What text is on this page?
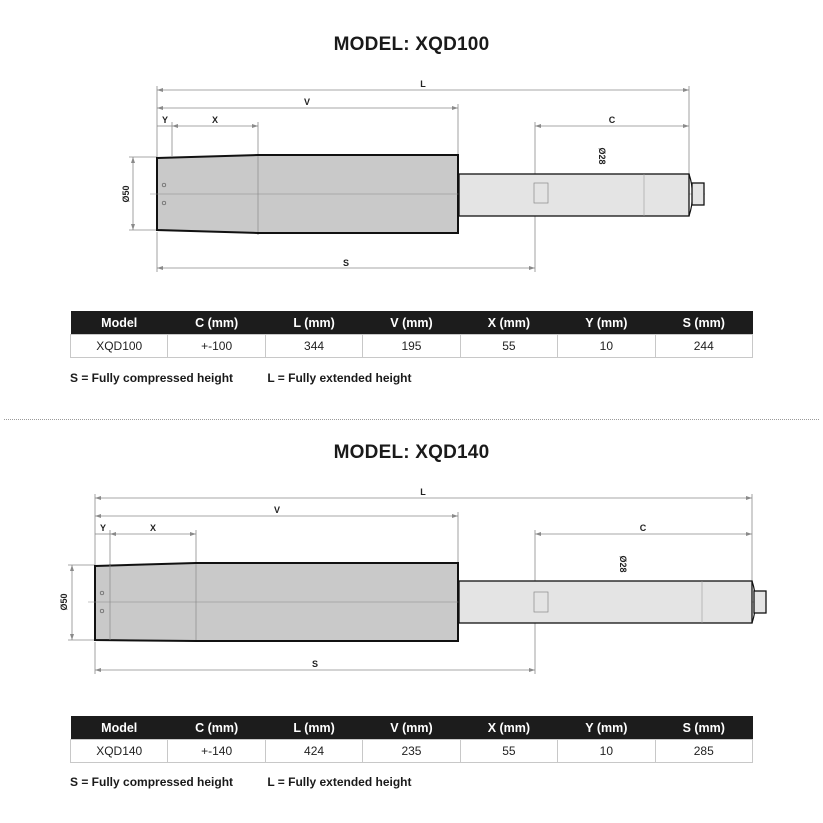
MODEL: XQD100
L
V
Y	X	C
S
Ø50
Ø28
Model	C (mm)	L (mm)	V (mm)	X (mm)	Y (mm)	S (mm)
XQD100	+-100	344	195	55	10	244
S = Fully compressed height	L = Fully extended height
MODEL: XQD140
L
V
Y	X	C
S
Ø50
Ø28
Model	C (mm)	L (mm)	V (mm)	X (mm)	Y (mm)	S (mm)
XQD140	+-140	424	235	55	10	285
S = Fully compressed height	L = Fully extended height
